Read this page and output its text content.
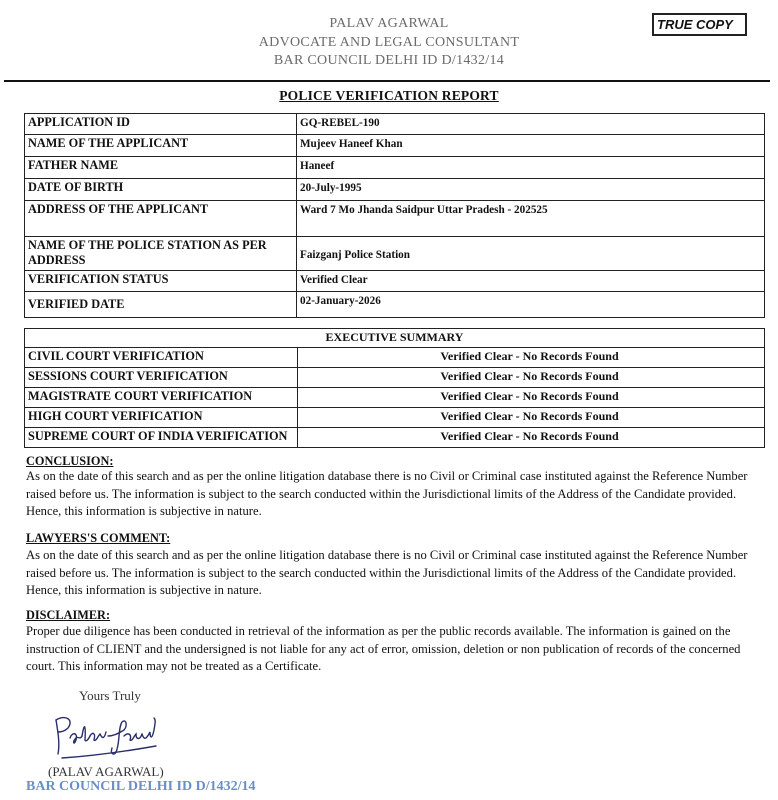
PALAV AGARWAL
ADVOCATE AND LEGAL CONSULTANT
BAR COUNCIL DELHI ID D/1432/14
TRUE COPY
POLICE VERIFICATION REPORT
APPLICATION ID	GQ-REBEL-190
NAME OF THE APPLICANT	Mujeev Haneef Khan
FATHER NAME	Haneef
DATE OF BIRTH	20-July-1995
ADDRESS OF THE APPLICANT	Ward 7 Mo Jhanda Saidpur Uttar Pradesh - 202525
NAME OF THE POLICE STATION AS PER ADDRESS	Faizganj Police Station
VERIFICATION STATUS	Verified Clear
VERIFIED DATE	02-January-2026
EXECUTIVE SUMMARY	
CIVIL COURT VERIFICATION	Verified Clear - No Records Found
SESSIONS COURT VERIFICATION	Verified Clear - No Records Found
MAGISTRATE COURT VERIFICATION	Verified Clear - No Records Found
HIGH COURT VERIFICATION	Verified Clear - No Records Found
SUPREME COURT OF INDIA VERIFICATION	Verified Clear - No Records Found
CONCLUSION:
As on the date of this search and as per the online litigation database there is no Civil or Criminal case instituted against the Reference Number raised before us. The information is subject to the search conducted within the Jurisdictional limits of the Address of the Candidate provided. Hence, this information is subjective in nature.
LAWYERS'S COMMENT:
As on the date of this search and as per the online litigation database there is no Civil or Criminal case instituted against the Reference Number raised before us. The information is subject to the search conducted within the Jurisdictional limits of the Address of the Candidate provided. Hence, this information is subjective in nature.
DISCLAIMER:
Proper due diligence has been conducted in retrieval of the information as per the public records available. The information is gained on the instruction of CLIENT and the undersigned is not liable for any act of error, omission, deletion or non publication of records of the concerned court. This information may not be treated as a Certificate.
Yours Truly
(PALAV AGARWAL)
BAR COUNCIL DELHI ID D/1432/14
